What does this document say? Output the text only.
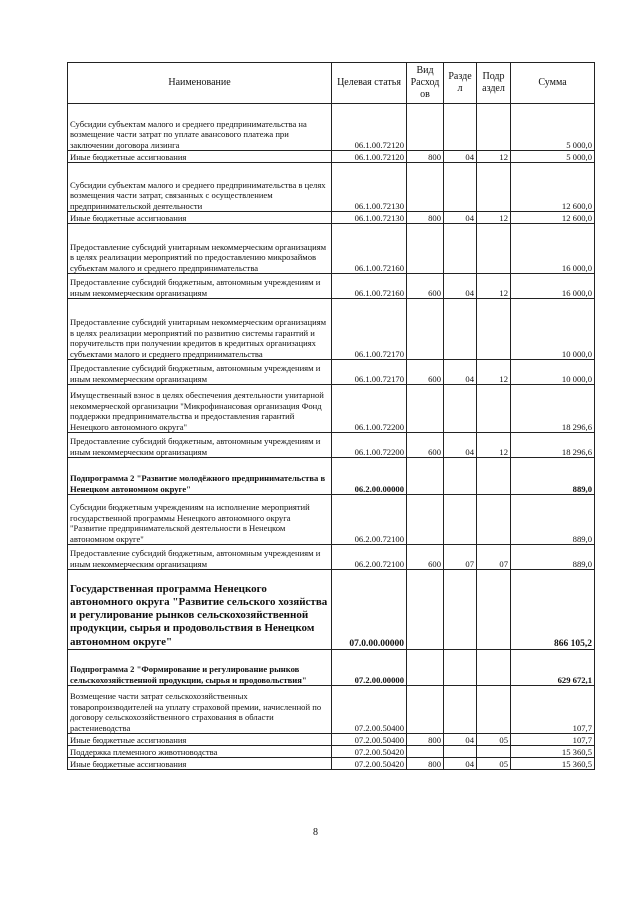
Наименование	Целевая статья	Вид Расход ов	Разде л	Подр аздел	Сумма
Субсидии субъектам малого и среднего предпринимательства на возмещение части затрат по уплате авансового платежа при заключении договора лизинга	06.1.00.72120				5 000,0
Иные бюджетные ассигнования	06.1.00.72120	800	04	12	5 000,0
Субсидии субъектам малого и среднего предпринимательства в целях возмещения части затрат, связанных с осуществлением предпринимательской деятельности	06.1.00.72130				12 600,0
Иные бюджетные ассигнования	06.1.00.72130	800	04	12	12 600,0
Предоставление субсидий унитарным некоммерческим организациям в целях реализации мероприятий по предоставлению микрозаймов субъектам малого и среднего предпринимательства	06.1.00.72160				16 000,0
Предоставление субсидий бюджетным, автономным учреждениям и иным некоммерческим организациям	06.1.00.72160	600	04	12	16 000,0
Предоставление субсидий унитарным некоммерческим организациям в целях реализации мероприятий по развитию системы гарантий и поручительств при получении кредитов в кредитных организациях субъектами малого и среднего предпринимательства	06.1.00.72170				10 000,0
Предоставление субсидий бюджетным, автономным учреждениям и иным некоммерческим организациям	06.1.00.72170	600	04	12	10 000,0
Имущественный взнос в целях обеспечения деятельности унитарной некоммерческой организации "Микрофинансовая организация Фонд поддержки предпринимательства и предоставления гарантий Ненецкого автономного округа"	06.1.00.72200				18 296,6
Предоставление субсидий бюджетным, автономным учреждениям и иным некоммерческим организациям	06.1.00.72200	600	04	12	18 296,6
Подпрограмма 2 "Развитие молодёжного предпринимательства в Ненецком автономном округе"	06.2.00.00000				889,0
Субсидии бюджетным учреждениям на исполнение мероприятий государственной программы Ненецкого автономного округа "Развитие предпринимательской деятельности в Ненецком автономном округе"	06.2.00.72100				889,0
Предоставление субсидий бюджетным, автономным учреждениям и иным некоммерческим организациям	06.2.00.72100	600	07	07	889,0
Государственная программа Ненецкого автономного округа "Развитие сельского хозяйства и регулирование рынков сельскохозяйственной продукции, сырья и продовольствия в Ненецком автономном округе"	07.0.00.00000				866 105,2
Подпрограмма 2 "Формирование и регулирование рынков сельскохозяйственной продукции, сырья и продовольствия"	07.2.00.00000				629 672,1
Возмещение части затрат сельскохозяйственных товаропроизводителей на уплату страховой премии, начисленной по договору сельскохозяйственного страхования в области растениеводства	07.2.00.50400				107,7
Иные бюджетные ассигнования	07.2.00.50400	800	04	05	107,7
Поддержка племенного животноводства	07.2.00.50420				15 360,5
Иные бюджетные ассигнования	07.2.00.50420	800	04	05	15 360,5
8
